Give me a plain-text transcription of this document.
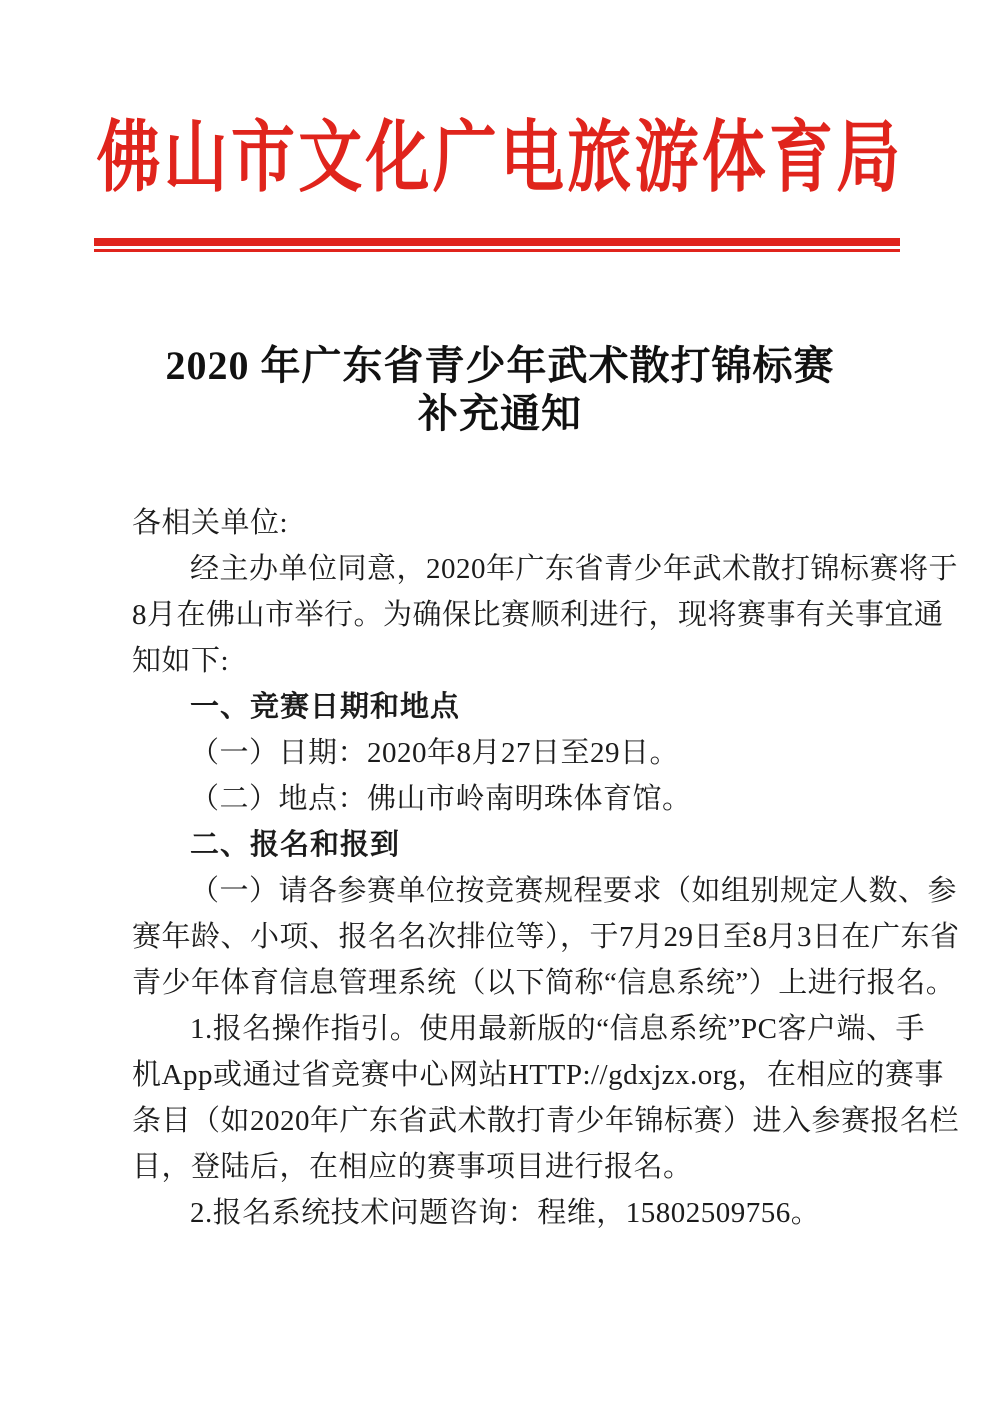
佛山市文化广电旅游体育局
2020 年广东省青少年武术散打锦标赛
补充通知
各相关单位:
经主办单位同意，2020年广东省青少年武术散打锦标赛将于
8月在佛山市举行。为确保比赛顺利进行，现将赛事有关事宜通
知如下:
一、竞赛日期和地点
（一）日期：2020年8月27日至29日。
（二）地点：佛山市岭南明珠体育馆。
二、报名和报到
（一）请各参赛单位按竞赛规程要求（如组别规定人数、参
赛年龄、小项、报名名次排位等），于7月29日至8月3日在广东省
青少年体育信息管理系统（以下简称“信息系统”）上进行报名。
1.报名操作指引。使用最新版的“信息系统”PC客户端、手
机App或通过省竞赛中心网站HTTP://gdxjzx.org，在相应的赛事
条目（如2020年广东省武术散打青少年锦标赛）进入参赛报名栏
目，登陆后，在相应的赛事项目进行报名。
2.报名系统技术问题咨询：程维，15802509756。
